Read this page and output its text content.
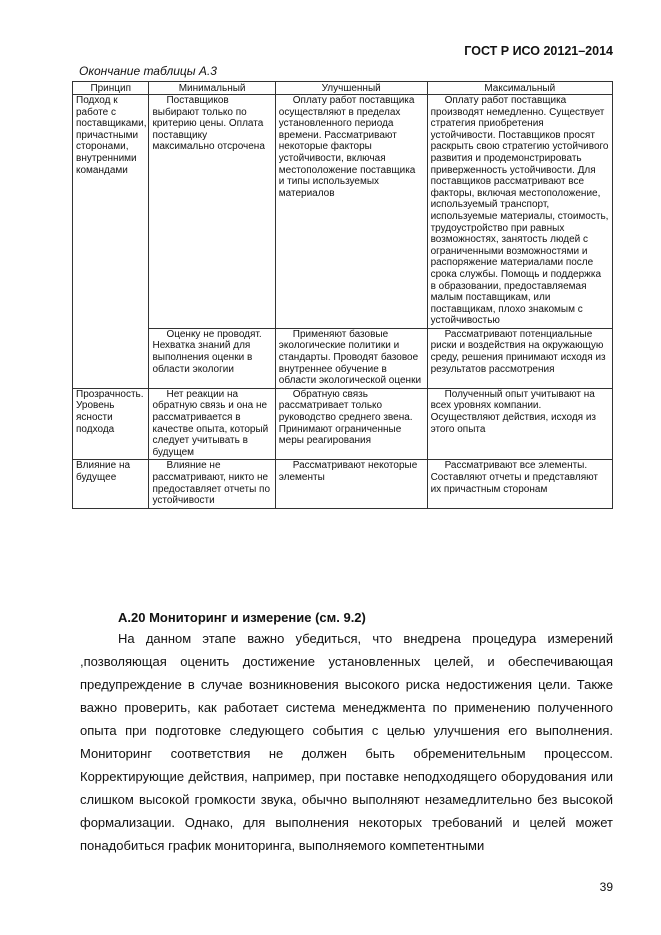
ГОСТ Р ИСО 20121–2014
Окончание таблицы А.3
Принцип	Минимальный	Улучшенный	Максимальный

Подход к работе с поставщиками, причастными сторонами, внутренними командами	Поставщиков выбирают только по критерию цены. Оплата поставщику максимально отсрочена	Оплату работ поставщика осуществляют в пределах установленного периода времени. Рассматривают некоторые факторы устойчивости, включая местоположение поставщика и типы используемых материалов	Оплату работ поставщика производят немедленно. Существует стратегия приобретения устойчивости. Поставщиков просят раскрыть свою стратегию устойчивого развития и продемонстрировать приверженность устойчивости. Для поставщиков рассматривают все факторы, включая местоположение, используемый транспорт, используемые материалы, стоимость, трудоустройство при равных возможностях, занятость людей с ограниченными возможностями и распоряжение материалами после срока службы. Помощь и поддержка в образовании, предоставляемая малым поставщикам, или поставщикам, плохо знакомым с устойчивостью

	Оценку не проводят. Нехватка знаний для выполнения оценки в области экологии	Применяют базовые экологические политики и стандарты. Проводят базовое внутреннее обучение в области экологической оценки	Рассматривают потенциальные риски и воздействия на окружающую среду, решения принимают исходя из результатов рассмотрения

Прозрачность. Уровень ясности подхода	Нет реакции на обратную связь и она не рассматривается в качестве опыта, который следует учитывать в будущем	Обратную связь рассматривает только руководство среднего звена. Принимают ограниченные меры реагирования	Полученный опыт учитывают на всех уровнях компании. Осуществляют действия, исходя из этого опыта

Влияние на будущее	Влияние не рассматривают, никто не предоставляет отчеты по устойчивости	Рассматривают некоторые элементы	Рассматривают все элементы. Составляют отчеты и представляют их причастным сторонам

А.20 Мониторинг и измерение (см. 9.2)

На данном этапе важно убедиться, что внедрена процедура измерений ,позволяющая оценить достижение установленных целей, и обеспечивающая предупреждение в случае возникновения высокого риска недостижения цели. Также важно проверить, как работает система менеджмента по применению полученного опыта при подготовке следующего события с целью улучшения его выполнения. Мониторинг соответствия не должен быть обременительным процессом. Корректирующие действия, например, при поставке неподходящего оборудования или слишком высокой громкости звука, обычно выполняют незамедлительно без высокой формализации. Однако, для выполнения некоторых требований и целей может понадобиться график мониторинга, выполняемого компетентными

39
